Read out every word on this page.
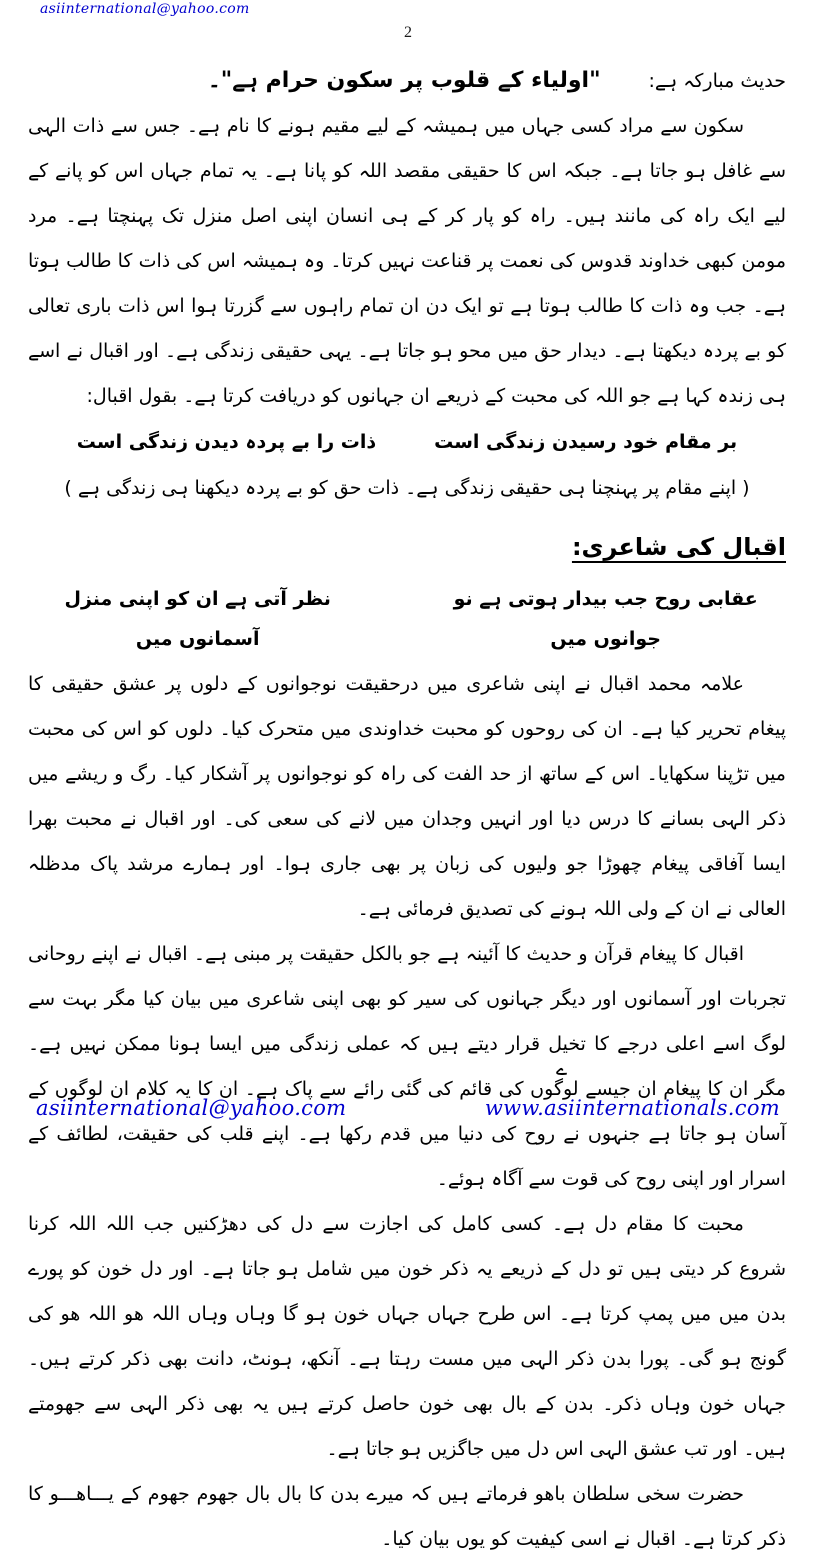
asiinternational@yahoo.com
2
حدیث مبارکہ ہے:
"اولیاء کے قلوب پر سکون حرام ہے"۔

سکون سے مراد کسی جہاں میں ہمیشہ کے لیے مقیم ہونے کا نام ہے۔ جس سے ذات الہی سے غافل ہو جاتا ہے۔ جبکہ اس کا حقیقی مقصد اللہ کو پانا ہے۔ یہ تمام جہاں اس کو پانے کے لیے ایک راہ کی مانند ہیں۔ راہ کو پار کر کے ہی انسان اپنی اصل منزل تک پہنچتا ہے۔ مرد مومن کبھی خداوند قدوس کی نعمت پر قناعت نہیں کرتا۔ وہ ہمیشہ اس کی ذات کا طالب ہوتا ہے۔ جب وہ ذات کا طالب ہوتا ہے تو ایک دن ان تمام راہوں سے گزرتا ہوا اس ذات باری تعالی کو بے پردہ دیکھتا ہے۔ دیدار حق میں محو ہو جاتا ہے۔ یہی حقیقی زندگی ہے۔ اور اقبال نے اسے ہی زندہ کہا ہے جو اللہ کی محبت کے ذریعے ان جہانوں کو دریافت کرتا ہے۔ بقول اقبال:

بر مقام خود رسیدن زندگی است
ذات را بے پردہ دیدن زندگی است

( اپنے مقام پر پہنچنا ہی حقیقی زندگی ہے۔ ذات حق کو بے پردہ دیکھنا ہی زندگی ہے )

اقبال کی شاعری:
عقابی روح جب بیدار ہوتی ہے نو جوانوں میں
نظر آتی ہے ان کو اپنی منزل آسمانوں میں

علامہ محمد اقبال نے اپنی شاعری میں درحقیقت نوجوانوں کے دلوں پر عشق حقیقی کا پیغام تحریر کیا ہے۔ ان کی روحوں کو محبت خداوندی میں متحرک کیا۔ دلوں کو اس کی محبت میں تڑپنا سکھایا۔ اس کے ساتھ از حد الفت کی راہ کو نوجوانوں پر آشکار کیا۔ رگ و ریشے میں ذکر الہی بسانے کا درس دیا اور انہیں وجدان میں لانے کی سعی کی۔ اور اقبال نے محبت بھرا ایسا آفاقی پیغام چھوڑا جو ولیوں کی زبان پر بھی جاری ہوا۔ اور ہمارے مرشد پاک مدظلہ العالی نے ان کے ولی اللہ ہونے کی تصدیق فرمائی ہے۔

اقبال کا پیغام قرآن و حدیث کا آئینہ ہے جو بالکل حقیقت پر مبنی ہے۔ اقبال نے اپنے روحانی تجربات اور آسمانوں اور دیگر جہانوں کی سیر کو بھی اپنی شاعری میں بیان کیا مگر بہت سے لوگ اسے اعلی درجے کا تخیل قرار دیتے ہیں کہ عملی زندگی میں ایسا ہونا ممکن نہیں ہے۔ مگر ان کا پیغام ان جیسے لوگوں کی قائم کی گئی رائے سے پاک ہے۔ ان کا یہ کلام ان لوگوں کے آسان ہو جاتا ہے جنہوں نے روح کی دنیا میں قدم رکھا ہے۔ اپنے قلب کی حقیقت، لطائف کے اسرار اور اپنی روح کی قوت سے آگاہ ہوئے۔

محبت کا مقام دل ہے۔ کسی کامل کی اجازت سے دل کی دھڑکنیں جب اللہ اللہ کرنا شروع کر دیتی ہیں تو دل کے ذریعے یہ ذکر خون میں شامل ہو جاتا ہے۔ اور دل خون کو پورے بدن میں میں پمپ کرتا ہے۔ اس طرح جہاں جہاں خون ہو گا وہاں وہاں اللہ ھو اللہ ھو کی گونج ہو گی۔ پورا بدن ذکر الہی میں مست رہتا ہے۔ آنکھ، ہونٹ، دانت بھی ذکر کرتے ہیں۔ جہاں خون وہاں ذکر۔ بدن کے بال بھی خون حاصل کرتے ہیں یہ بھی ذکر الہی سے جھومتے ہیں۔ اور تب عشق الہی اس دل میں جاگزیں ہو جاتا ہے۔

حضرت سخی سلطان باھو فرماتے ہیں کہ میرے بدن کا بال بال جھوم جھوم کے یـــاھـــو کا ذکر کرتا ہے۔ اقبال نے اسی کیفیت کو یوں بیان کیا۔

ے
asiinternational@yahoo.com	www.asiinternationals.com
